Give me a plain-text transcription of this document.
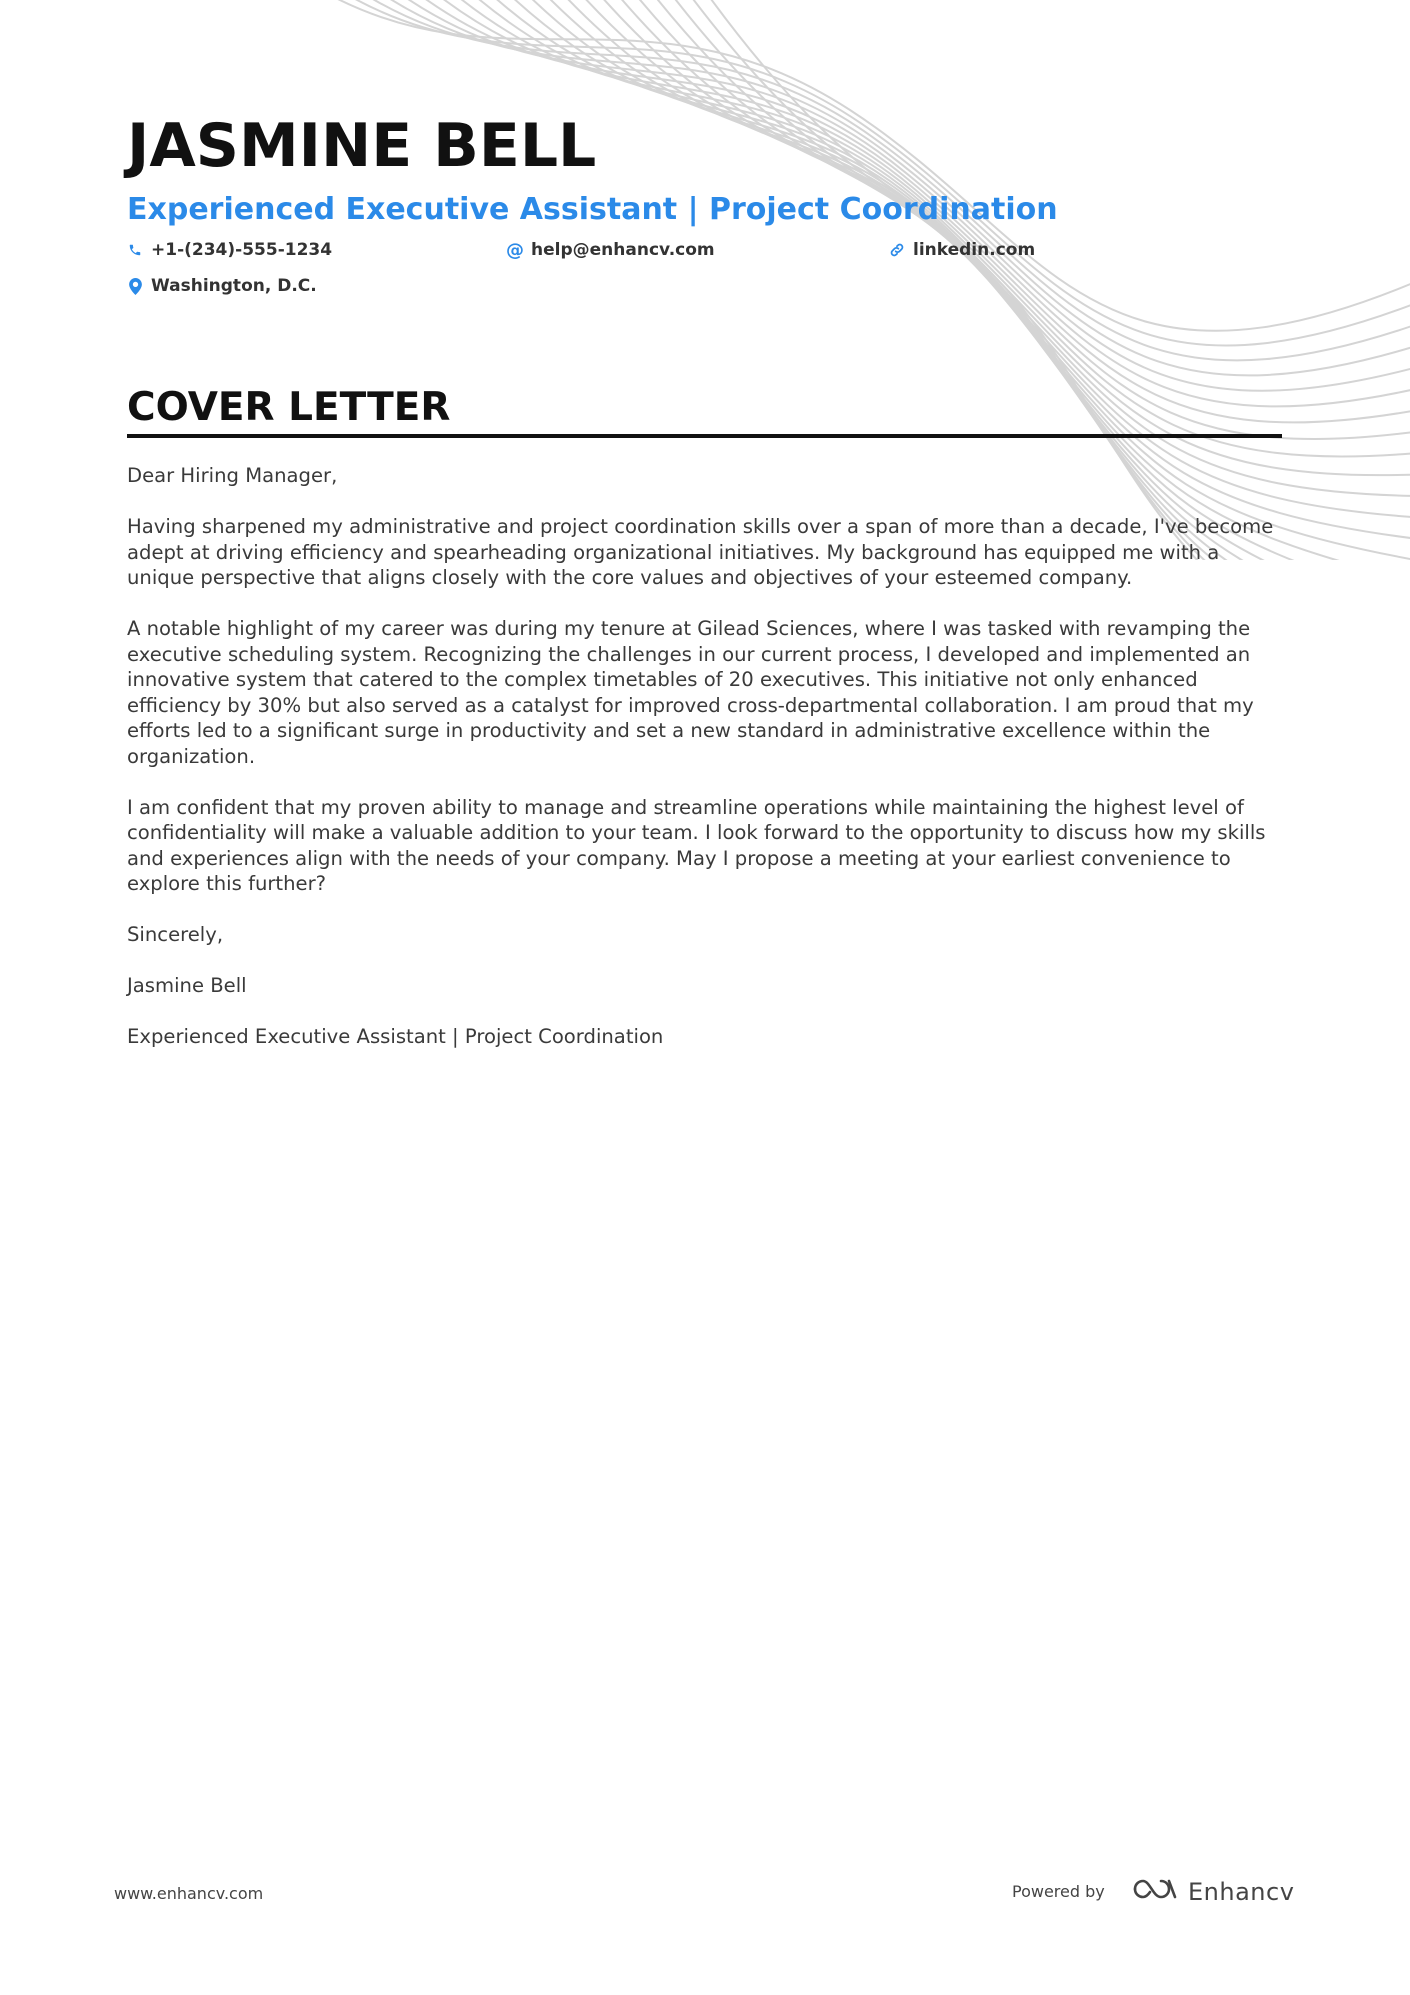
JASMINE BELL
Experienced Executive Assistant | Project Coordination
+1-(234)-555-1234	@ help@enhancv.com	linkedin.com
Washington, D.C.
COVER LETTER

Dear Hiring Manager,

Having sharpened my administrative and project coordination skills over a span of more than a decade, I've become adept at driving efficiency and spearheading organizational initiatives. My background has equipped me with a unique perspective that aligns closely with the core values and objectives of your esteemed company.

A notable highlight of my career was during my tenure at Gilead Sciences, where I was tasked with revamping the executive scheduling system. Recognizing the challenges in our current process, I developed and implemented an innovative system that catered to the complex timetables of 20 executives. This initiative not only enhanced efficiency by 30% but also served as a catalyst for improved cross-departmental collaboration. I am proud that my efforts led to a significant surge in productivity and set a new standard in administrative excellence within the organization.

I am confident that my proven ability to manage and streamline operations while maintaining the highest level of confidentiality will make a valuable addition to your team. I look forward to the opportunity to discuss how my skills and experiences align with the needs of your company. May I propose a meeting at your earliest convenience to explore this further?

Sincerely,

Jasmine Bell

Experienced Executive Assistant | Project Coordination

www.enhancv.com	Powered by	Enhancv
